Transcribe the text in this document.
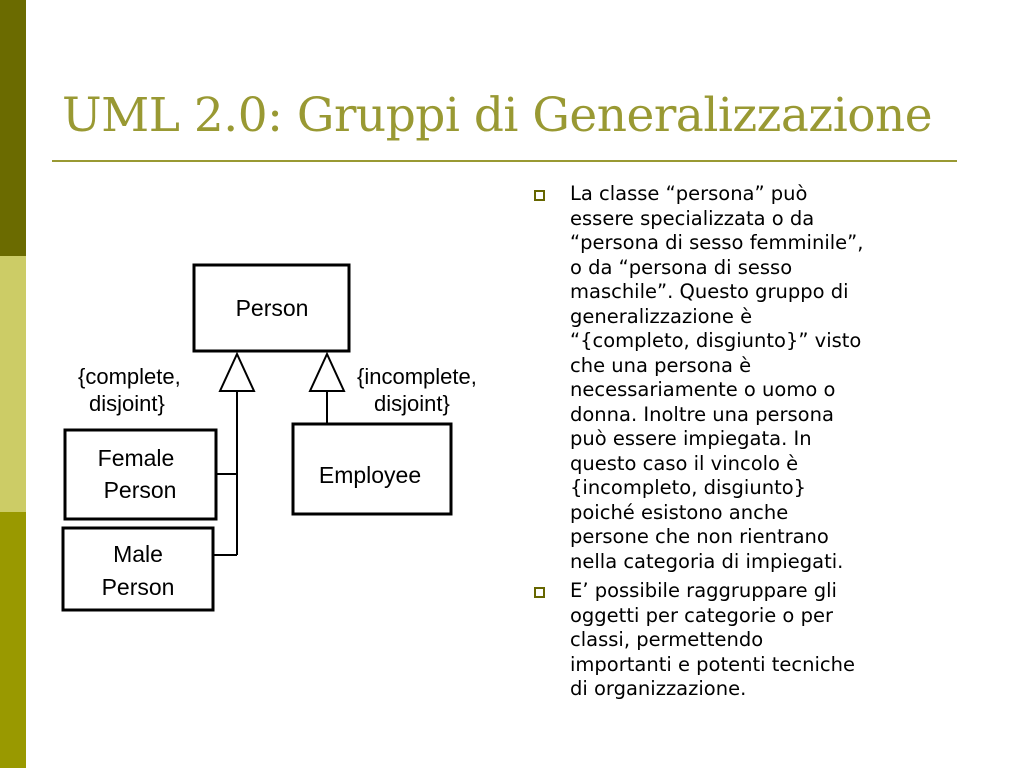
UML 2.0: Gruppi di Generalizzazione
Person
{complete,
disjoint}
{incomplete,
disjoint}
Female
Person
Male
Person
Employee
La classe “persona” può
essere specializzata o da
“persona di sesso femminile”,
o da “persona di sesso
maschile”. Questo gruppo di
generalizzazione è
“{completo, disgiunto}” visto
che una persona è
necessariamente o uomo o
donna. Inoltre una persona
può essere impiegata. In
questo caso il vincolo è
{incompleto, disgiunto}
poiché esistono anche
persone che non rientrano
nella categoria di impiegati.
E’ possibile raggruppare gli
oggetti per categorie o per
classi, permettendo
importanti e potenti tecniche
di organizzazione.
